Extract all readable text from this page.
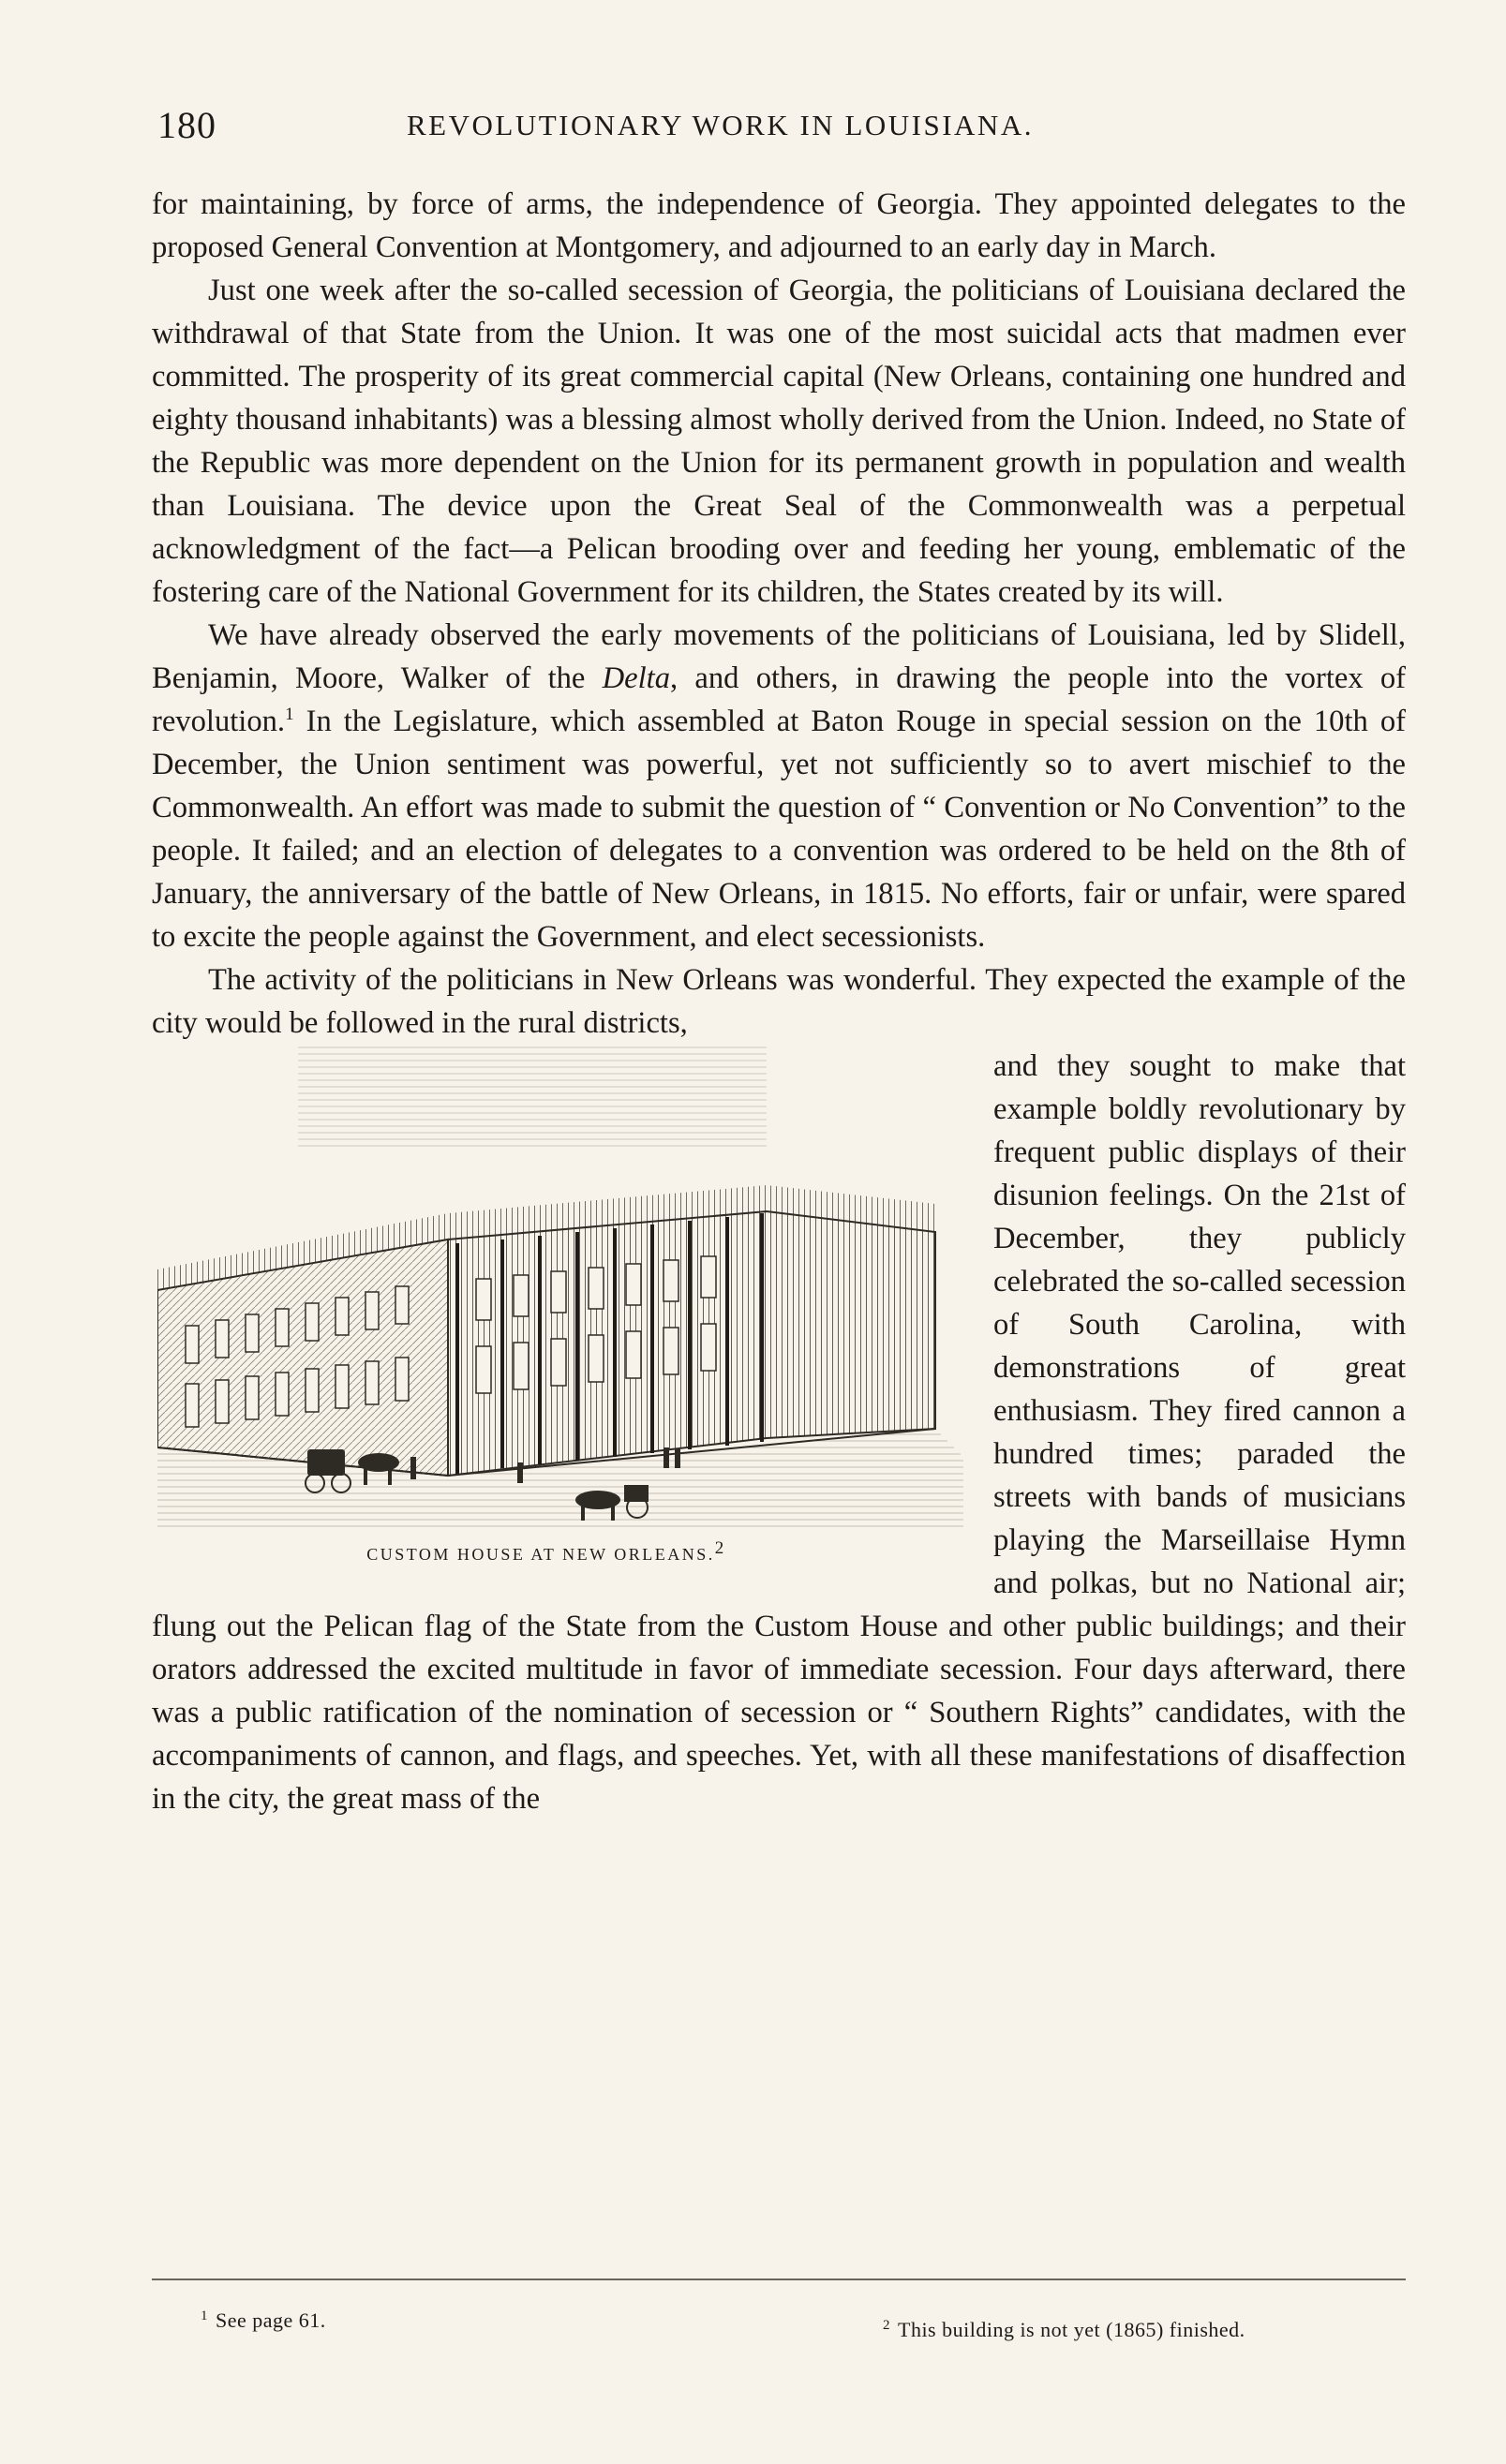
180	REVOLUTIONARY WORK IN LOUISIANA.

for maintaining, by force of arms, the independence of Georgia. They appointed delegates to the proposed General Convention at Montgomery, and adjourned to an early day in March.

Just one week after the so-called secession of Georgia, the politicians of Louisiana declared the withdrawal of that State from the Union. It was one of the most suicidal acts that madmen ever committed. The prosperity of its great commercial capital (New Orleans, containing one hundred and eighty thousand inhabitants) was a blessing almost wholly derived from the Union. Indeed, no State of the Republic was more dependent on the Union for its permanent growth in population and wealth than Louisiana. The device upon the Great Seal of the Commonwealth was a perpetual acknowledgment of the fact—a Pelican brooding over and feeding her young, emblematic of the fostering care of the National Government for its children, the States created by its will.

We have already observed the early movements of the politicians of Louisiana, led by Slidell, Benjamin, Moore, Walker of the Delta, and others, in drawing the people into the vortex of revolution.$^1$ In the Legislature, which assembled at Baton Rouge in special session on the 10th of December, the Union sentiment was powerful, yet not sufficiently so to avert mischief to the Commonwealth. An effort was made to submit the question of “ Convention or No Convention” to the people. It failed; and an election of delegates to a convention was ordered to be held on the 8th of January, the anniversary of the battle of New Orleans, in 1815. No efforts, fair or unfair, were spared to excite the people against the Government, and elect secessionists.

The activity of the politicians in New Orleans was wonderful. They expected the example of the city would be followed in the rural districts,

CUSTOM HOUSE AT NEW ORLEANS.2

and they sought to make that example boldly revolutionary by frequent public displays of their disunion feelings. On the 21st of December, they publicly celebrated the so-called secession of South Carolina, with demonstrations of great enthusiasm. They fired cannon a hundred times; paraded the streets with bands of musicians playing the Marseillaise Hymn and polkas, but no National air; flung out the Pelican flag of the State from the Custom House and other public buildings; and their orators addressed the excited multitude in favor of immediate secession. Four days afterward, there was a public ratification of the nomination of secession or “ Southern Rights” candidates, with the accompaniments of cannon, and flags, and speeches. Yet, with all these manifestations of disaffection in the city, the great mass of the

$^1$ See page 61.	$^2$ This building is not yet (1865) finished.
